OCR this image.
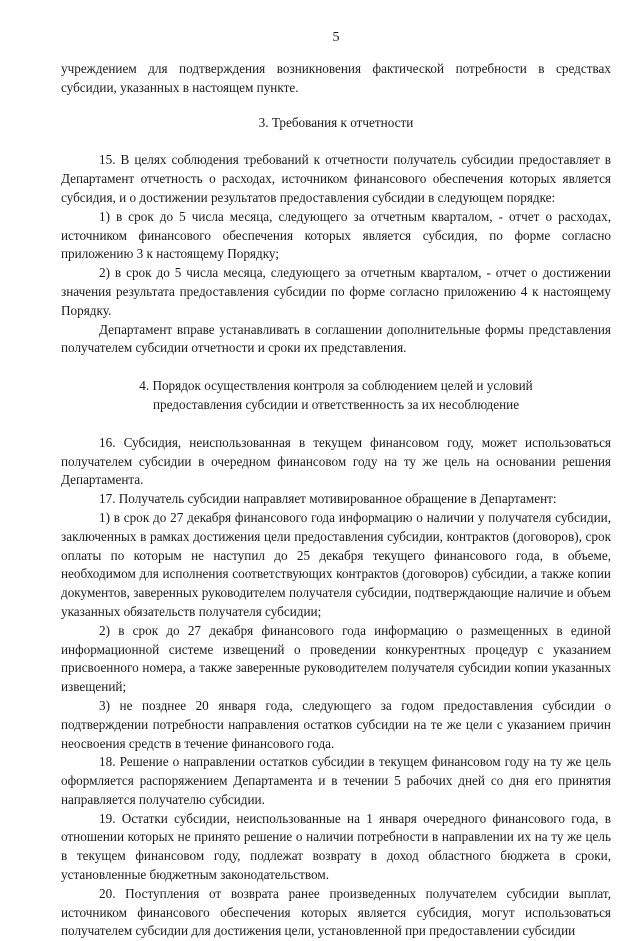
5

учреждением для подтверждения возникновения фактической потребности в средствах субсидии, указанных в настоящем пункте.

3. Требования к отчетности

15. В целях соблюдения требований к отчетности получатель субсидии предоставляет в Департамент отчетность о расходах, источником финансового обеспечения которых является субсидия, и о достижении результатов предоставления субсидии в следующем порядке:

1) в срок до 5 числа месяца, следующего за отчетным кварталом, - отчет о расходах, источником финансового обеспечения которых является субсидия, по форме согласно приложению 3 к настоящему Порядку;

2) в срок до 5 числа месяца, следующего за отчетным кварталом, - отчет о достижении значения результата предоставления субсидии по форме согласно приложению 4 к настоящему Порядку.

Департамент вправе устанавливать в соглашении дополнительные формы представления получателем субсидии отчетности и сроки их представления.

4. Порядок осуществления контроля за соблюдением целей и условий
предоставления субсидии и ответственность за их несоблюдение

16. Субсидия, неиспользованная в текущем финансовом году, может использоваться получателем субсидии в очередном финансовом году на ту же цель на основании решения Департамента.

17. Получатель субсидии направляет мотивированное обращение в Департамент:

1) в срок до 27 декабря финансового года информацию о наличии у получателя субсидии, заключенных в рамках достижения цели предоставления субсидии, контрактов (договоров), срок оплаты по которым не наступил до 25 декабря текущего финансового года, в объеме, необходимом для исполнения соответствующих контрактов (договоров) субсидии, а также копии документов, заверенных руководителем получателя субсидии, подтверждающие наличие и объем указанных обязательств получателя субсидии;

2) в срок до 27 декабря финансового года информацию о размещенных в единой информационной системе извещений о проведении конкурентных процедур с указанием присвоенного номера, а также заверенные руководителем получателя субсидии копии указанных извещений;

3) не позднее 20 января года, следующего за годом предоставления субсидии о подтверждении потребности направления остатков субсидии на те же цели с указанием причин неосвоения средств в течение финансового года.

18. Решение о направлении остатков субсидии в текущем финансовом году на ту же цель оформляется распоряжением Департамента и в течении 5 рабочих дней со дня его принятия направляется получателю субсидии.

19. Остатки субсидии, неиспользованные на 1 января очередного финансового года, в отношении которых не принято решение о наличии потребности в направлении их на ту же цель в текущем финансовом году, подлежат возврату в доход областного бюджета в сроки, установленные бюджетным законодательством.

20. Поступления от возврата ранее произведенных получателем субсидии выплат, источником финансового обеспечения которых является субсидия, могут использоваться получателем субсидии для достижения цели, установленной при предоставлении субсидии
